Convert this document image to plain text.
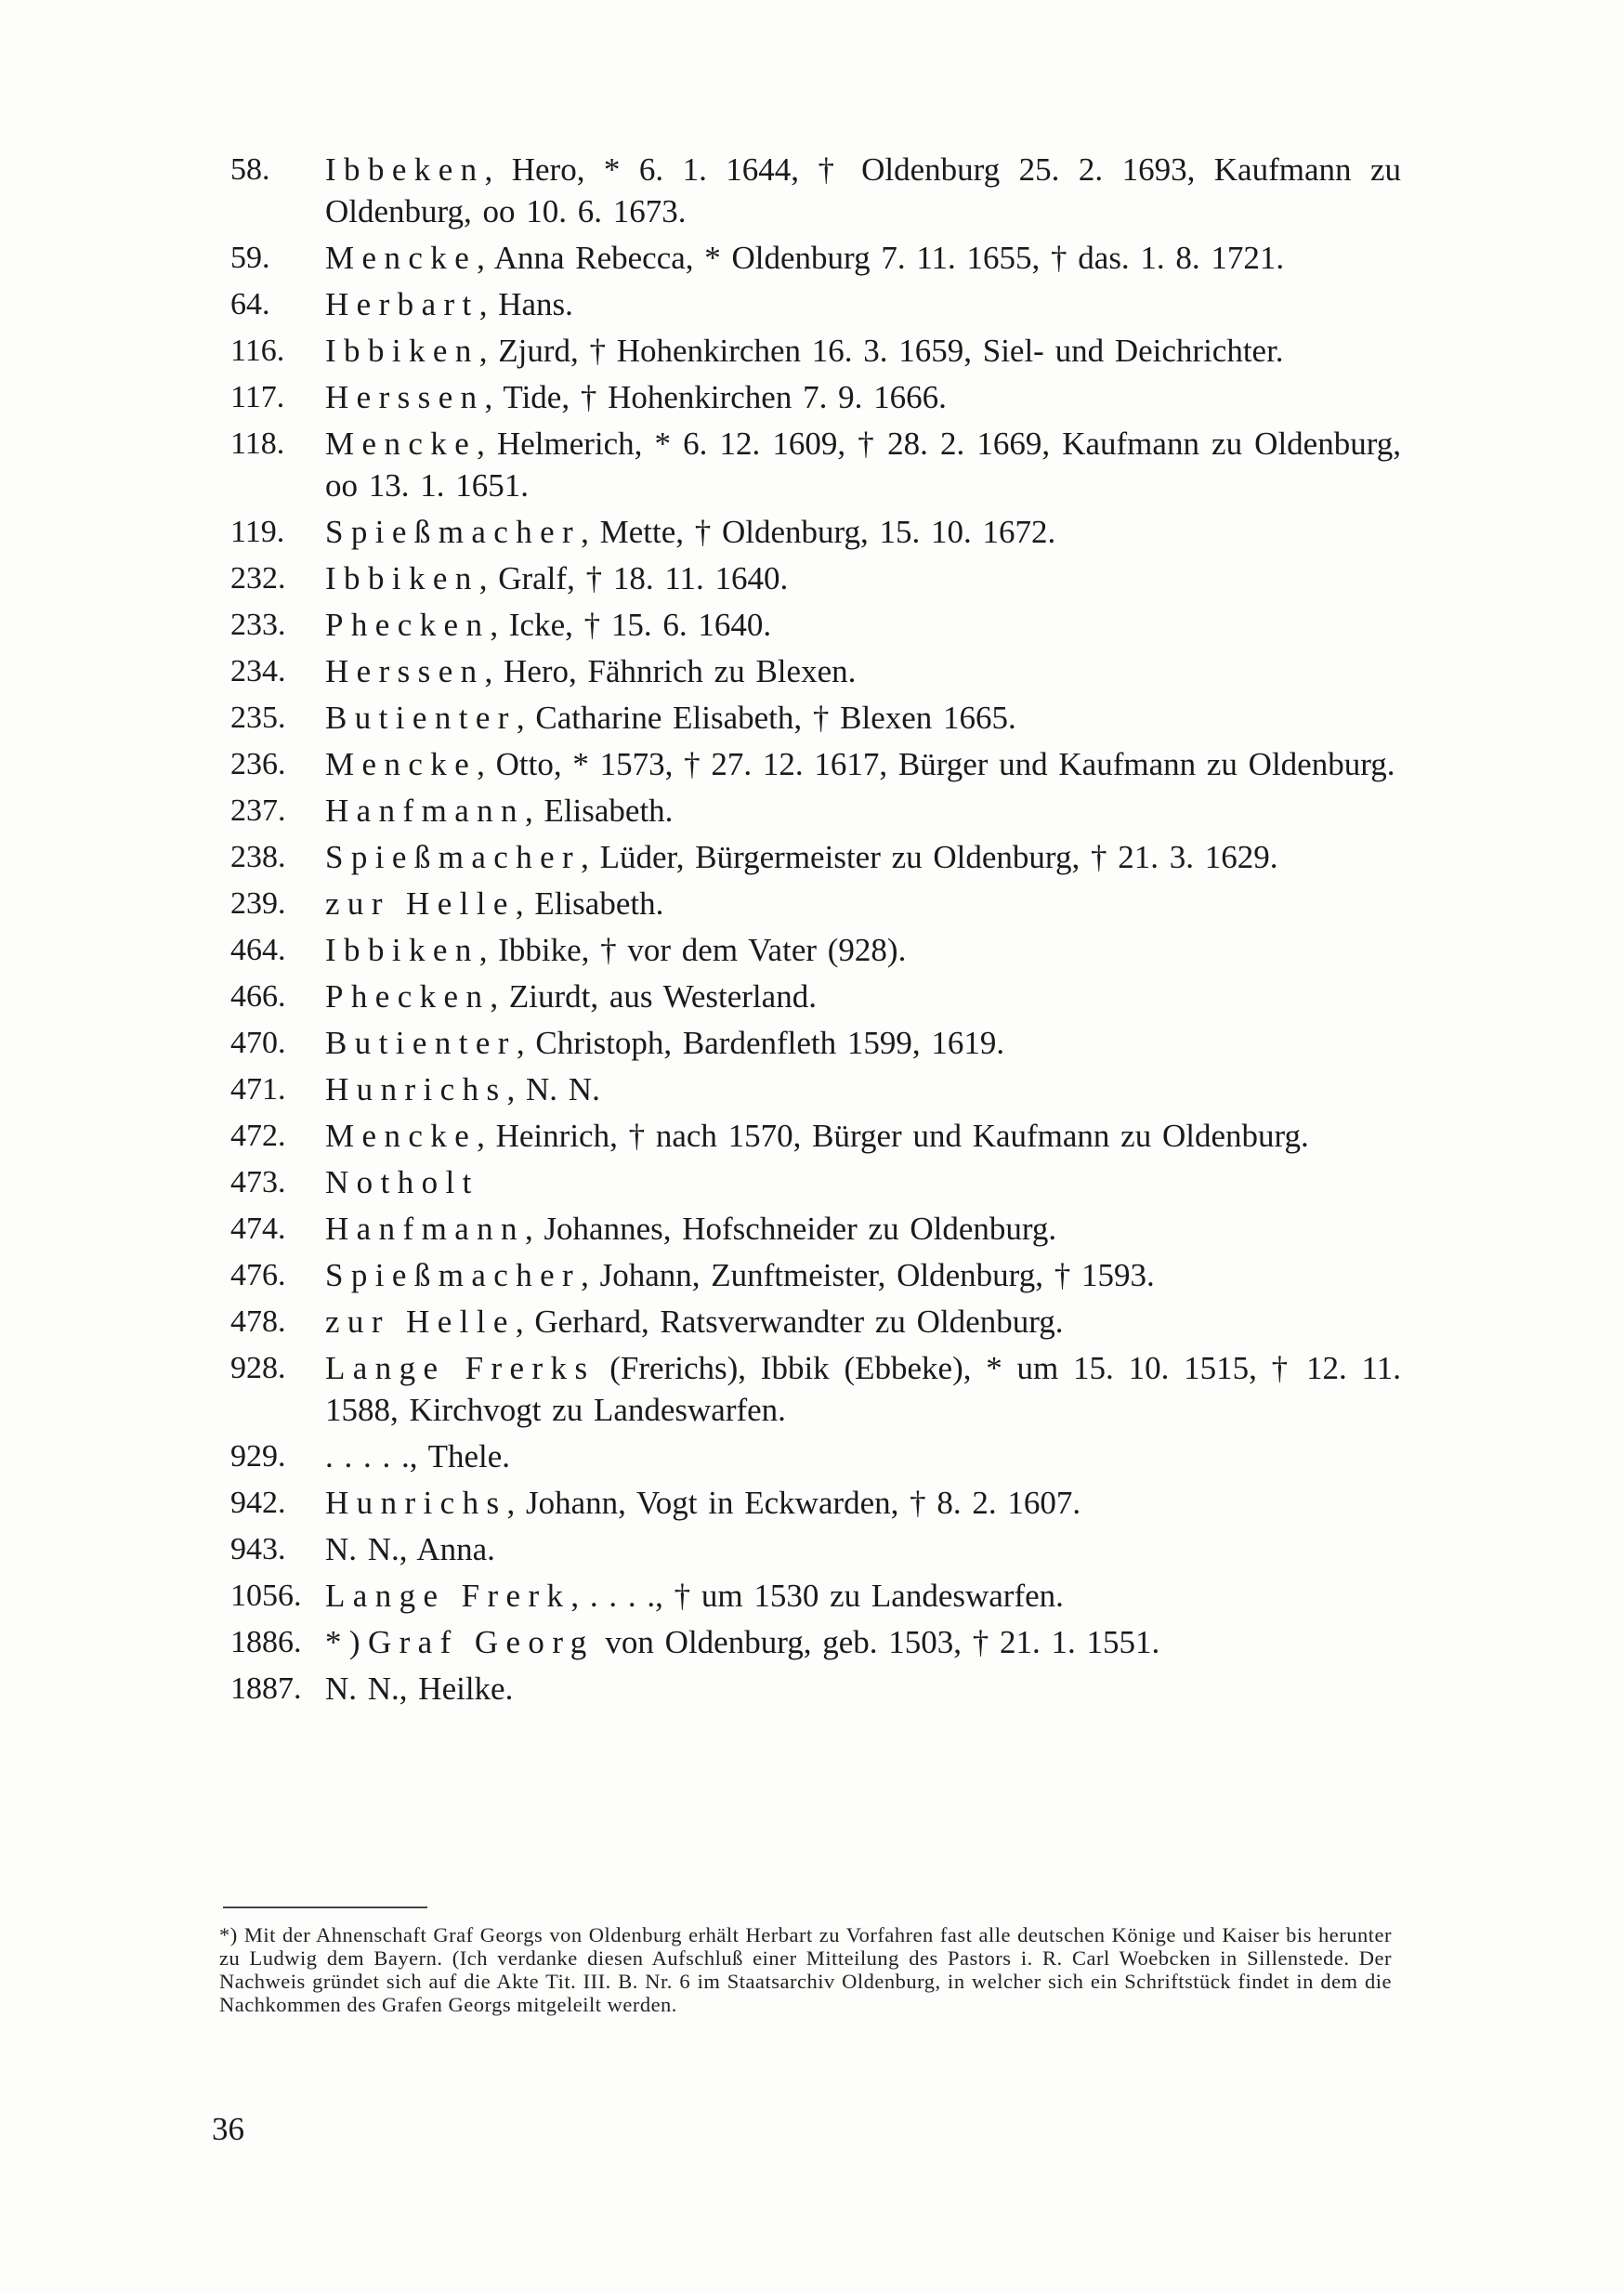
58.	Ibbeken, Hero, * 6. 1. 1644, † Oldenburg 25. 2. 1693, Kaufmann zu Oldenburg, oo 10. 6. 1673.
59.	Mencke, Anna Rebecca, * Oldenburg 7. 11. 1655, † das. 1. 8. 1721.
64.	Herbart, Hans.
116.	Ibbiken, Zjurd, † Hohenkirchen 16. 3. 1659, Siel- und Deichrichter.
117.	Herssen, Tide, † Hohenkirchen 7. 9. 1666.
118.	Mencke, Helmerich, * 6. 12. 1609, † 28. 2. 1669, Kaufmann zu Oldenburg, oo 13. 1. 1651.
119.	Spießmacher, Mette, † Oldenburg, 15. 10. 1672.
232.	Ibbiken, Gralf, † 18. 11. 1640.
233.	Phecken, Icke, † 15. 6. 1640.
234.	Herssen, Hero, Fähnrich zu Blexen.
235.	Butienter, Catharine Elisabeth, † Blexen 1665.
236.	Mencke, Otto, * 1573, † 27. 12. 1617, Bürger und Kaufmann zu Oldenburg.
237.	Hanfmann, Elisabeth.
238.	Spießmacher, Lüder, Bürgermeister zu Oldenburg, † 21. 3. 1629.
239.	zur Helle, Elisabeth.
464.	Ibbiken, Ibbike, † vor dem Vater (928).
466.	Phecken, Ziurdt, aus Westerland.
470.	Butienter, Christoph, Bardenfleth 1599, 1619.
471.	Hunrichs, N. N.
472.	Mencke, Heinrich, † nach 1570, Bürger und Kaufmann zu Oldenburg.
473.	Notholt
474.	Hanfmann, Johannes, Hofschneider zu Oldenburg.
476.	Spießmacher, Johann, Zunftmeister, Oldenburg, † 1593.
478.	zur Helle, Gerhard, Ratsverwandter zu Oldenburg.
928.	Lange Frerks (Frerichs), Ibbik (Ebbeke), * um 15. 10. 1515, † 12. 11. 1588, Kirchvogt zu Landeswarfen.
929.	. . . . ., Thele.
942.	Hunrichs, Johann, Vogt in Eckwarden, † 8. 2. 1607.
943.	N. N., Anna.
1056. Lange Frerk, . . . ., † um 1530 zu Landeswarfen.
1886. *)Graf Georg von Oldenburg, geb. 1503, † 21. 1. 1551.
1887. N. N., Heilke.
*) Mit der Ahnenschaft Graf Georgs von Oldenburg erhält Herbart zu Vorfahren fast alle deutschen Könige und Kaiser bis herunter zu Ludwig dem Bayern. (Ich verdanke diesen Aufschluß einer Mitteilung des Pastors i. R. Carl Woebcken in Sillenstede. Der Nachweis gründet sich auf die Akte Tit. III. B. Nr. 6 im Staatsarchiv Oldenburg, in welcher sich ein Schriftstück findet in dem die Nachkommen des Grafen Georgs mitgeleilt werden.
36
